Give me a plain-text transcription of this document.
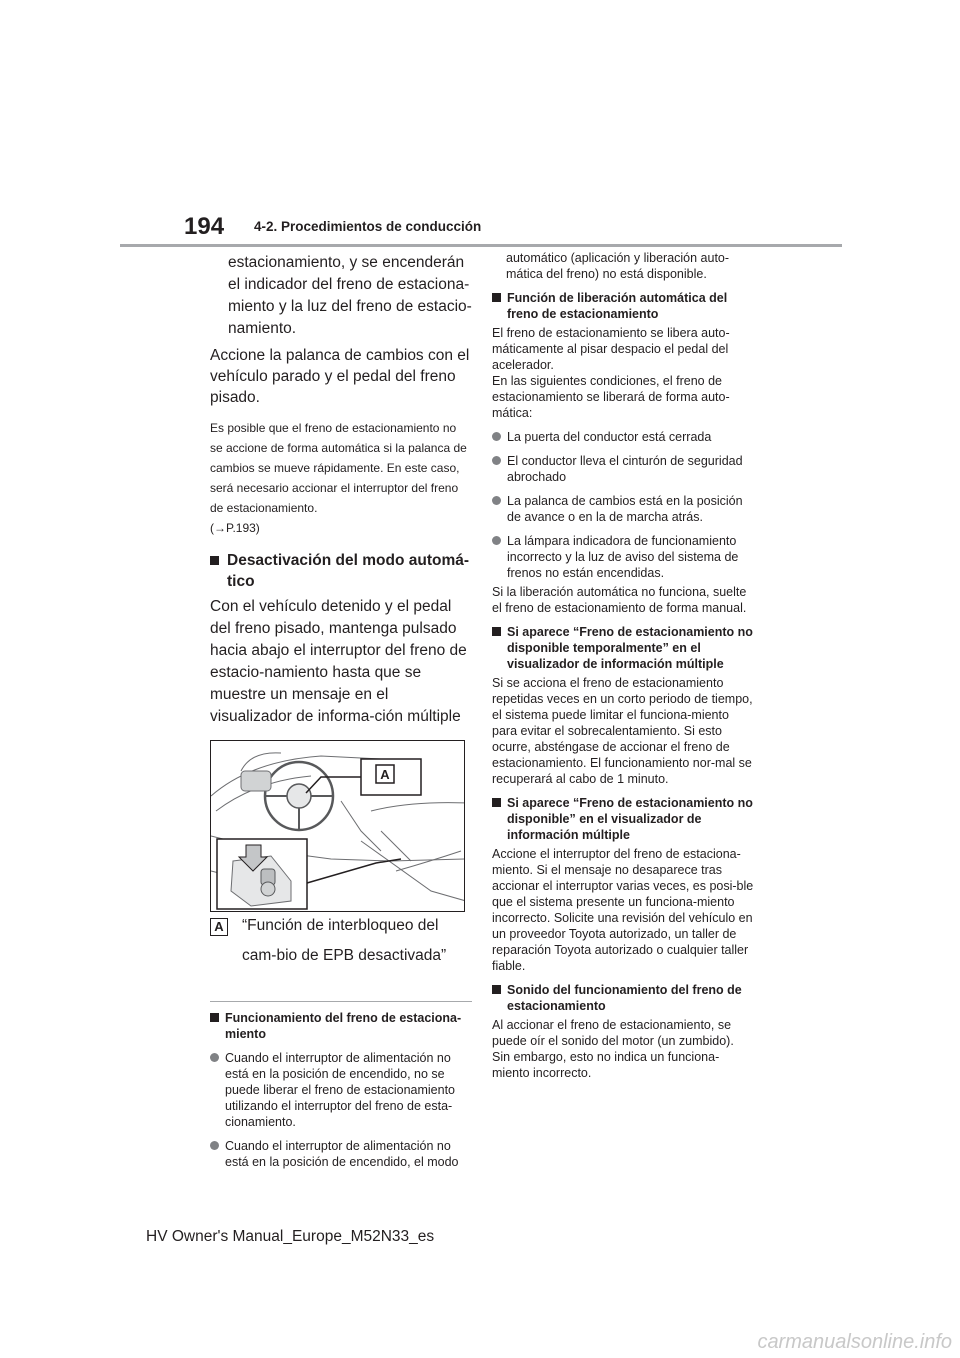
194 4-2. Procedimientos de conducción

estacionamiento, y se encenderán el indicador del freno de estaciona-miento y la luz del freno de estacio-namiento.

Accione la palanca de cambios con el vehículo parado y el pedal del freno pisado.

Es posible que el freno de estacionamiento no se accione de forma automática si la palanca de cambios se mueve rápidamente. En este caso, será necesario accionar el interruptor del freno de estacionamiento.
(→P.193)

Desactivación del modo automá-tico

Con el vehículo detenido y el pedal del freno pisado, mantenga pulsado hacia abajo el interruptor del freno de estacio-namiento hasta que se muestre un mensaje en el visualizador de informa-ción múltiple

A
A “Función de interbloqueo del cam-bio de EPB desactivada”

Funcionamiento del freno de estaciona-miento
Cuando el interruptor de alimentación no está en la posición de encendido, no se puede liberar el freno de estacionamiento utilizando el interruptor del freno de esta-cionamiento.
Cuando el interruptor de alimentación no está en la posición de encendido, el modo

automático (aplicación y liberación auto-mática del freno) no está disponible.

Función de liberación automática del freno de estacionamiento

El freno de estacionamiento se libera auto-máticamente al pisar despacio el pedal del acelerador.

En las siguientes condiciones, el freno de estacionamiento se liberará de forma auto-mática:

La puerta del conductor está cerrada
El conductor lleva el cinturón de seguridad abrochado
La palanca de cambios está en la posición de avance o en la de marcha atrás.
La lámpara indicadora de funcionamiento incorrecto y la luz de aviso del sistema de frenos no están encendidas.

Si la liberación automática no funciona, suelte el freno de estacionamiento de forma manual.

Si aparece “Freno de estacionamiento no disponible temporalmente” en el visualizador de información múltiple

Si se acciona el freno de estacionamiento repetidas veces en un corto periodo de tiempo, el sistema puede limitar el funciona-miento para evitar el sobrecalentamiento. Si esto ocurre, absténgase de accionar el freno de estacionamiento. El funcionamiento nor-mal se recuperará al cabo de 1 minuto.

Si aparece “Freno de estacionamiento no disponible” en el visualizador de información múltiple

Accione el interruptor del freno de estaciona-miento. Si el mensaje no desaparece tras accionar el interruptor varias veces, es posi-ble que el sistema presente un funciona-miento incorrecto. Solicite una revisión del vehículo en un proveedor Toyota autorizado, un taller de reparación Toyota autorizado o cualquier taller fiable.

Sonido del funcionamiento del freno de estacionamiento

Al accionar el freno de estacionamiento, se puede oír el sonido del motor (un zumbido). Sin embargo, esto no indica un funciona-miento incorrecto.

HV Owner's Manual_Europe_M52N33_es
carmanualsonline.info
